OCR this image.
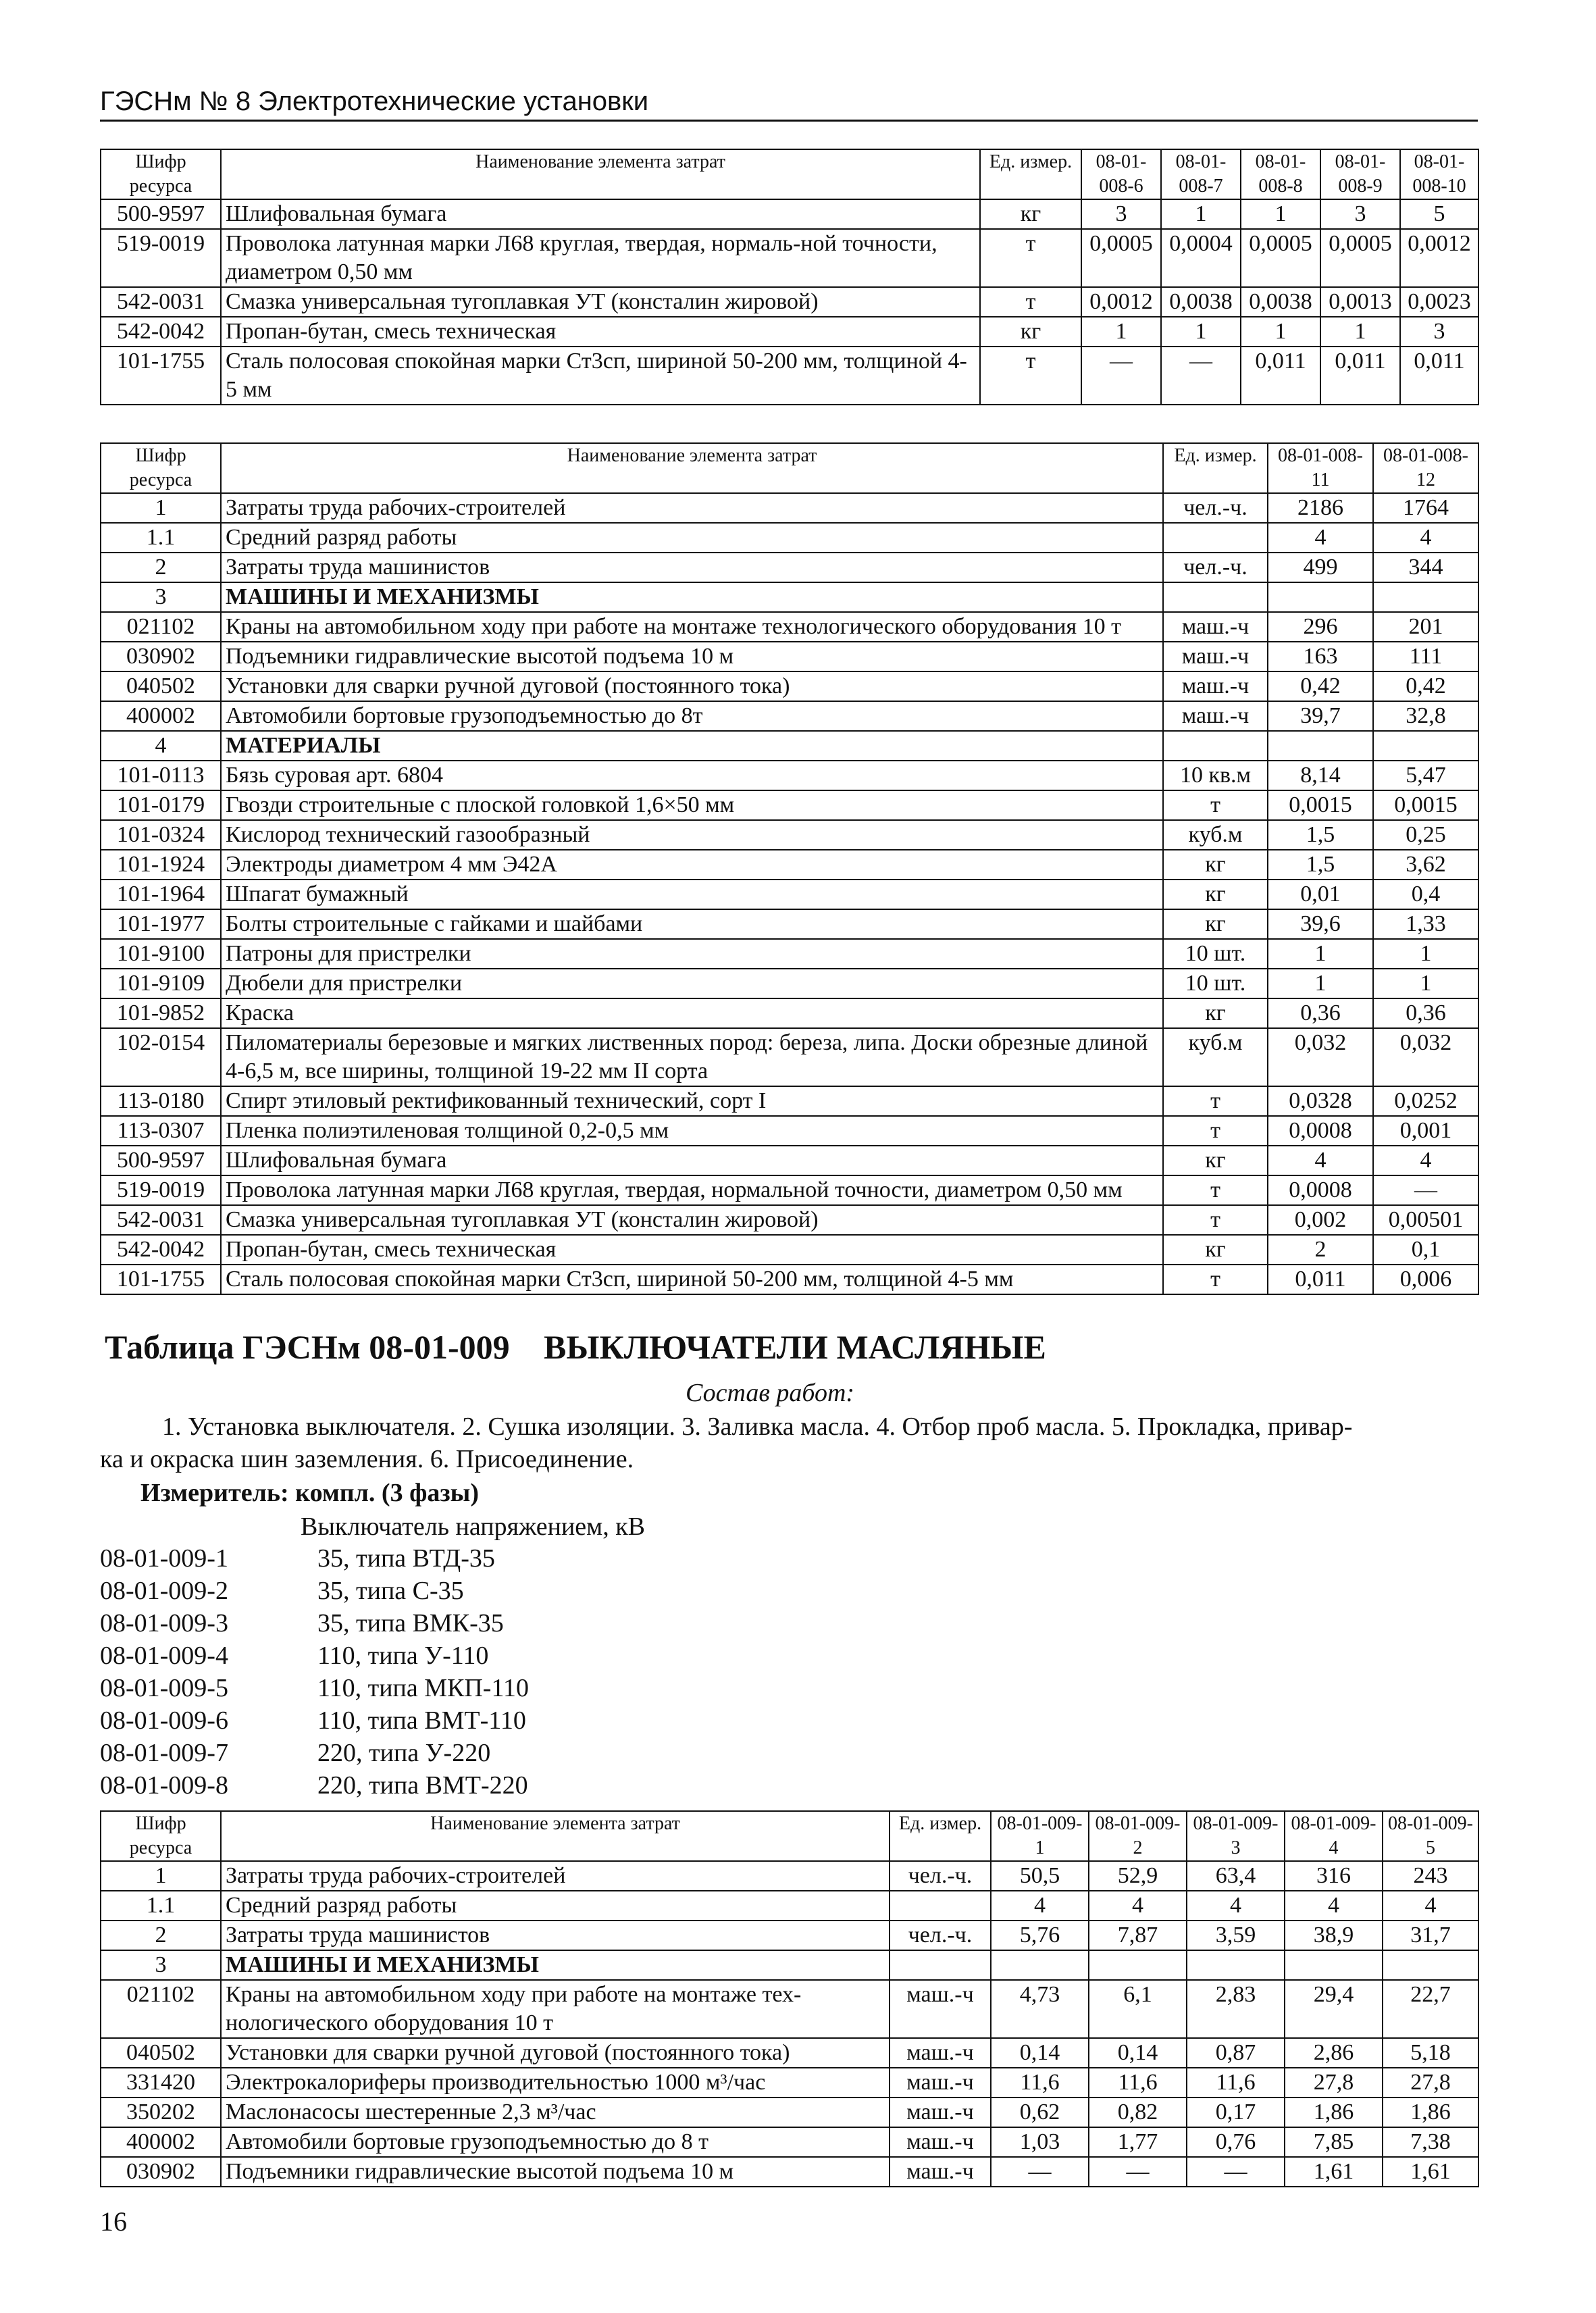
ГЭСНм № 8 Электротехнические установки
Шифр ресурса	Наименование элемента затрат	Ед. измер.	08-01-008-6	08-01-008-7	08-01-008-8	08-01-008-9	08-01-008-10
500-9597	Шлифовальная бумага	кг	3	1	1	3	5
519-0019	Проволока латунная марки Л68 круглая, твердая, нормаль-ной точности, диаметром 0,50 мм	т	0,0005	0,0004	0,0005	0,0005	0,0012
542-0031	Смазка универсальная тугоплавкая УТ (консталин жировой)	т	0,0012	0,0038	0,0038	0,0013	0,0023
542-0042	Пропан-бутан, смесь техническая	кг	1	1	1	1	3
101-1755	Сталь полосовая спокойная марки Ст3сп, шириной 50-200 мм, толщиной 4-5 мм	т	—	—	0,011	0,011	0,011
Шифр ресурса	Наименование элемента затрат	Ед. измер.	08-01-008-11	08-01-008-12
1	Затраты труда рабочих-строителей	чел.-ч.	2186	1764
1.1	Средний разряд работы		4	4
2	Затраты труда машинистов	чел.-ч.	499	344
3	МАШИНЫ И МЕХАНИЗМЫ			
021102	Краны на автомобильном ходу при работе на монтаже технологического оборудования 10 т	маш.-ч	296	201
030902	Подъемники гидравлические высотой подъема 10 м	маш.-ч	163	111
040502	Установки для сварки ручной дуговой (постоянного тока)	маш.-ч	0,42	0,42
400002	Автомобили бортовые грузоподъемностью до 8т	маш.-ч	39,7	32,8
4	МАТЕРИАЛЫ			
101-0113	Бязь суровая арт. 6804	10 кв.м	8,14	5,47
101-0179	Гвозди строительные с плоской головкой 1,6×50 мм	т	0,0015	0,0015
101-0324	Кислород технический газообразный	куб.м	1,5	0,25
101-1924	Электроды диаметром 4 мм Э42А	кг	1,5	3,62
101-1964	Шпагат бумажный	кг	0,01	0,4
101-1977	Болты строительные с гайками и шайбами	кг	39,6	1,33
101-9100	Патроны для пристрелки	10 шт.	1	1
101-9109	Дюбели для пристрелки	10 шт.	1	1
101-9852	Краска	кг	0,36	0,36
102-0154	Пиломатериалы березовые и мягких лиственных пород: береза, липа. Доски обрезные длиной 4-6,5 м, все ширины, толщиной 19-22 мм II сорта	куб.м	0,032	0,032
113-0180	Спирт этиловый ректификованный технический, сорт I	т	0,0328	0,0252
113-0307	Пленка полиэтиленовая толщиной 0,2-0,5 мм	т	0,0008	0,001
500-9597	Шлифовальная бумага	кг	4	4
519-0019	Проволока латунная марки Л68 круглая, твердая, нормальной точности, диаметром 0,50 мм	т	0,0008	—
542-0031	Смазка универсальная тугоплавкая УТ (консталин жировой)	т	0,002	0,00501
542-0042	Пропан-бутан, смесь техническая	кг	2	0,1
101-1755	Сталь полосовая спокойная марки Ст3сп, шириной 50-200 мм, толщиной 4-5 мм	т	0,011	0,006
Таблица ГЭСНм 08-01-009 ВЫКЛЮЧАТЕЛИ МАСЛЯНЫЕ
Состав работ:
1. Установка выключателя. 2. Сушка изоляции. 3. Заливка масла. 4. Отбор проб масла. 5. Прокладка, привар-
ка и окраска шин заземления. 6. Присоединение.
Измеритель: компл. (3 фазы)
Выключатель напряжением, кВ
08-01-009-1	35, типа ВТД-35
08-01-009-2	35, типа С-35
08-01-009-3	35, типа ВМК-35
08-01-009-4	110, типа У-110
08-01-009-5	110, типа МКП-110
08-01-009-6	110, типа ВМТ-110
08-01-009-7	220, типа У-220
08-01-009-8	220, типа ВМТ-220
Шифр ресурса	Наименование элемента затрат	Ед. измер.	08-01-009-1	08-01-009-2	08-01-009-3	08-01-009-4	08-01-009-5
1	Затраты труда рабочих-строителей	чел.-ч.	50,5	52,9	63,4	316	243
1.1	Средний разряд работы		4	4	4	4	4
2	Затраты труда машинистов	чел.-ч.	5,76	7,87	3,59	38,9	31,7
3	МАШИНЫ И МЕХАНИЗМЫ						
021102	Краны на автомобильном ходу при работе на монтаже тех-нологического оборудования 10 т	маш.-ч	4,73	6,1	2,83	29,4	22,7
040502	Установки для сварки ручной дуговой (постоянного тока)	маш.-ч	0,14	0,14	0,87	2,86	5,18
331420	Электрокалориферы производительностью 1000 м³/час	маш.-ч	11,6	11,6	11,6	27,8	27,8
350202	Маслонасосы шестеренные 2,3 м³/час	маш.-ч	0,62	0,82	0,17	1,86	1,86
400002	Автомобили бортовые грузоподъемностью до 8 т	маш.-ч	1,03	1,77	0,76	7,85	7,38
030902	Подъемники гидравлические высотой подъема 10 м	маш.-ч	—	—	—	1,61	1,61
16
